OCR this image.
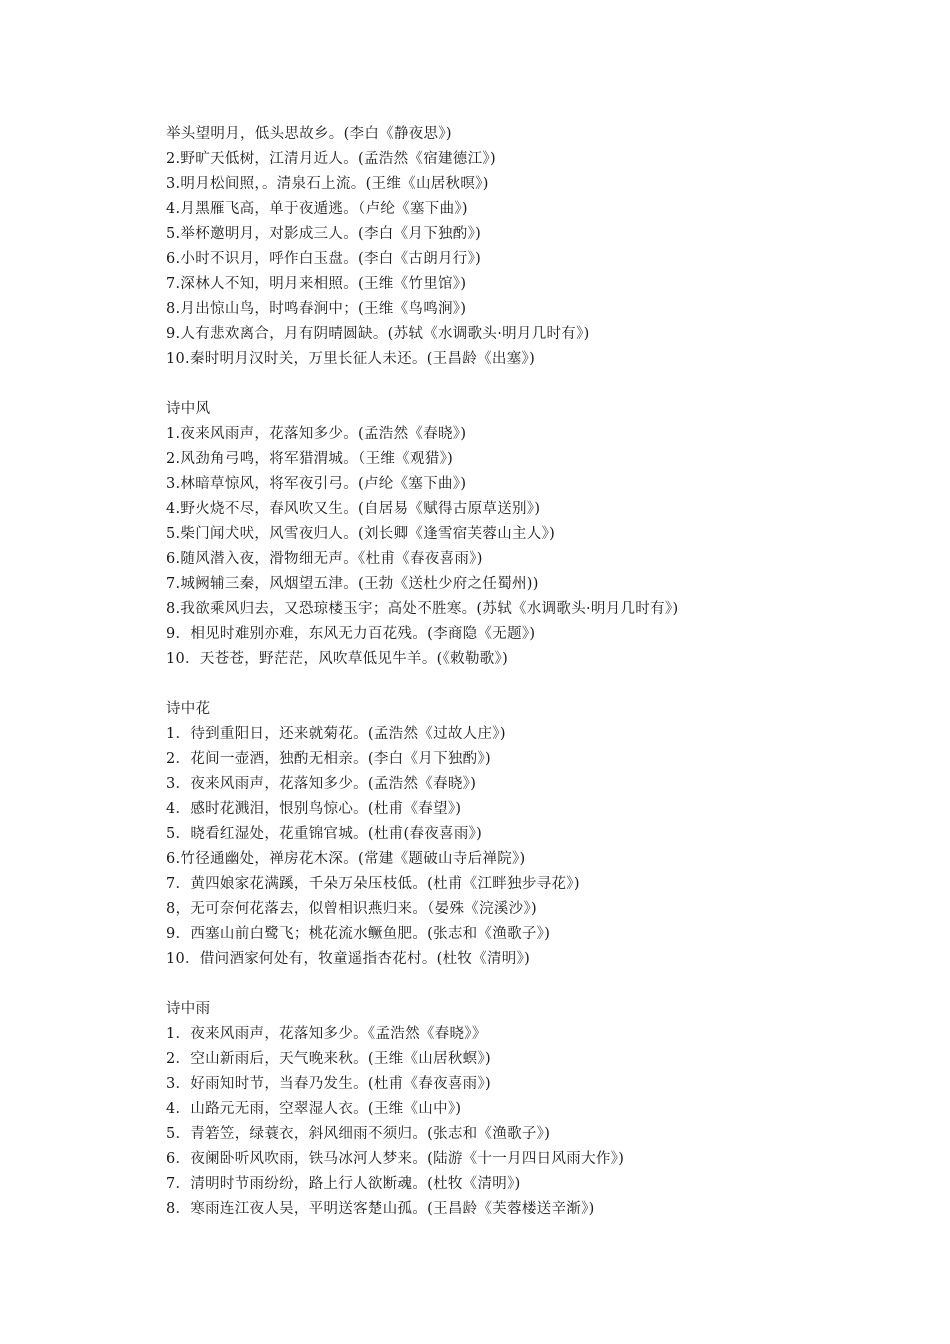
举头望明月，低头思故乡。(李白《静夜思》)
2.野旷天低树，江清月近人。(孟浩然《宿建德江》)
3.明月松间照，。清泉石上流。(王维《山居秋暝》)
4.月黑雁飞高，单于夜遁逃。（卢纶《塞下曲》)
5.举杯邀明月，对影成三人。(李白《月下独酌》)
6.小时不识月，呼作白玉盘。(李白《古朗月行》)
7.深林人不知，明月来相照。(王维《竹里馆》)
8.月出惊山鸟，时鸣春涧中；(王维《鸟鸣涧》)
9.人有悲欢离合，月有阴晴圆缺。(苏轼《水调歌头·明月几时有》)
10.秦时明月汉时关，万里长征人未还。(王昌龄《出塞》)
诗中风
1.夜来风雨声，花落知多少。(孟浩然《春晓》)
2.风劲角弓鸣，将军猎渭城。（王维《观猎》)
3.林暗草惊风，将军夜引弓。(卢纶《塞下曲》)
4.野火烧不尽，春风吹又生。(自居易《赋得古原草送别》)
5.柴门闻犬吠，风雪夜归人。(刘长卿《逢雪宿芙蓉山主人》)
6.随风潜入夜，滑物细无声。《杜甫《春夜喜雨》)
7.城阙辅三秦，风烟望五津。(王勃《送杜少府之任蜀州))
8.我欲乘风归去，又恐琼楼玉宇；高处不胜寒。(苏轼《水调歌头·明月几时有》)
9．相见时难别亦难，东风无力百花残。(李商隐《无题》)
10．天苍苍，野茫茫，风吹草低见牛羊。(《敕勒歌》)
诗中花
1．待到重阳日，还来就菊花。(孟浩然《过故人庄》)
2．花间一壶酒，独酌无相亲。(李白《月下独酌》)
3．夜来风雨声，花落知多少。(孟浩然《春晓》)
4．感时花溅泪，恨别鸟惊心。(杜甫《春望》)
5．晓看红湿处，花重锦官城。(杜甫(春夜喜雨》)
6.竹径通幽处，禅房花木深。(常建《题破山寺后禅院》)
7．黄四娘家花满蹊，千朵万朵压枝低。(杜甫《江畔独步寻花》)
8，无可奈何花落去，似曾相识燕归来。（晏殊《浣溪沙》)
9．西塞山前白鹭飞；桃花流水鳜鱼肥。(张志和《渔歌子》)
10．借问酒家何处有，牧童遥指杏花村。(杜牧《清明》)
诗中雨
1．夜来风雨声，花落知多少。《孟浩然《春晓》》
2．空山新雨后，天气晚来秋。(王维《山居秋螟》)
3．好雨知时节，当春乃发生。(杜甫《春夜喜雨》)
4．山路元无雨，空翠湿人衣。(王维《山中》)
5．青箬笠，绿蓑衣，斜风细雨不须归。(张志和《渔歌子》)
6．夜阑卧听风吹雨，铁马冰河人梦来。(陆游《十一月四日风雨大作》)
7．清明时节雨纷纷，路上行人欲断魂。(杜牧《清明》)
8．寒雨连江夜人吴，平明送客楚山孤。(王昌龄《芙蓉楼送辛渐》)
